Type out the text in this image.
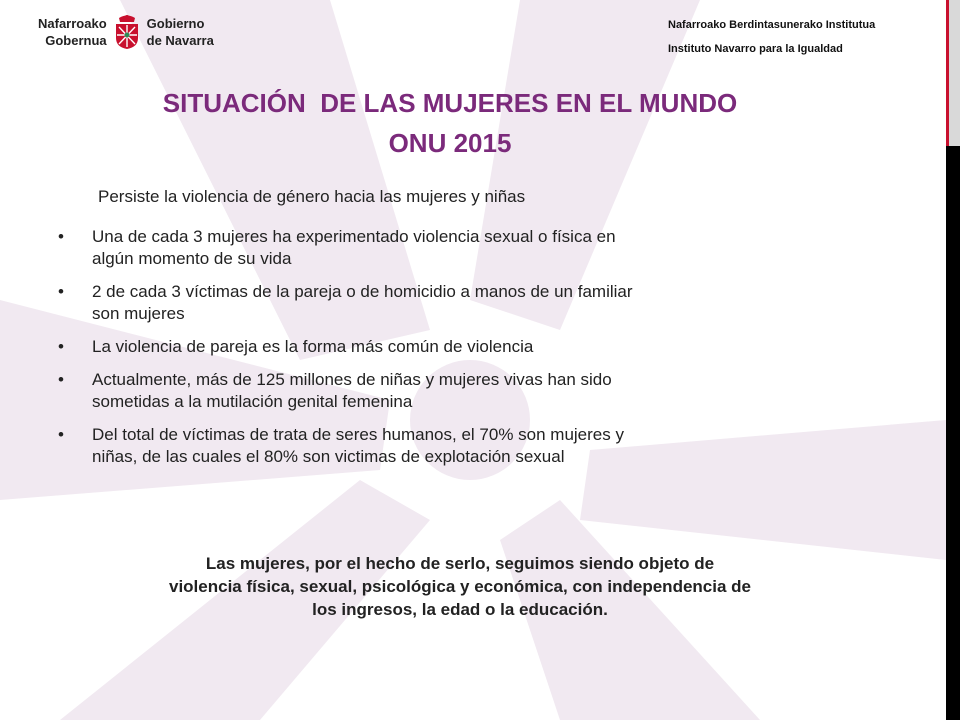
Nafarroako
Gobernua
Gobierno
de Navarra
Nafarroako Berdintasunerako Institutua
Instituto Navarro para la Igualdad
SITUACIÓN  DE LAS MUJERES EN EL MUNDO
ONU 2015
Persiste la violencia de género hacia las mujeres y niñas
• Una de cada 3 mujeres ha experimentado violencia sexual o física en
algún momento de su vida
• 2 de cada 3 víctimas de la pareja o de homicidio a manos de un familiar
son mujeres
• La violencia de pareja es la forma más común de violencia
• Actualmente, más de 125 millones de niñas y mujeres vivas han sido
sometidas a la mutilación genital femenina
• Del total de víctimas de trata de seres humanos, el 70% son mujeres y
niñas, de las cuales el 80% son victimas de explotación sexual
Las mujeres, por el hecho de serlo, seguimos siendo objeto de
violencia física, sexual, psicológica y económica, con independencia de
los ingresos, la edad o la educación.
